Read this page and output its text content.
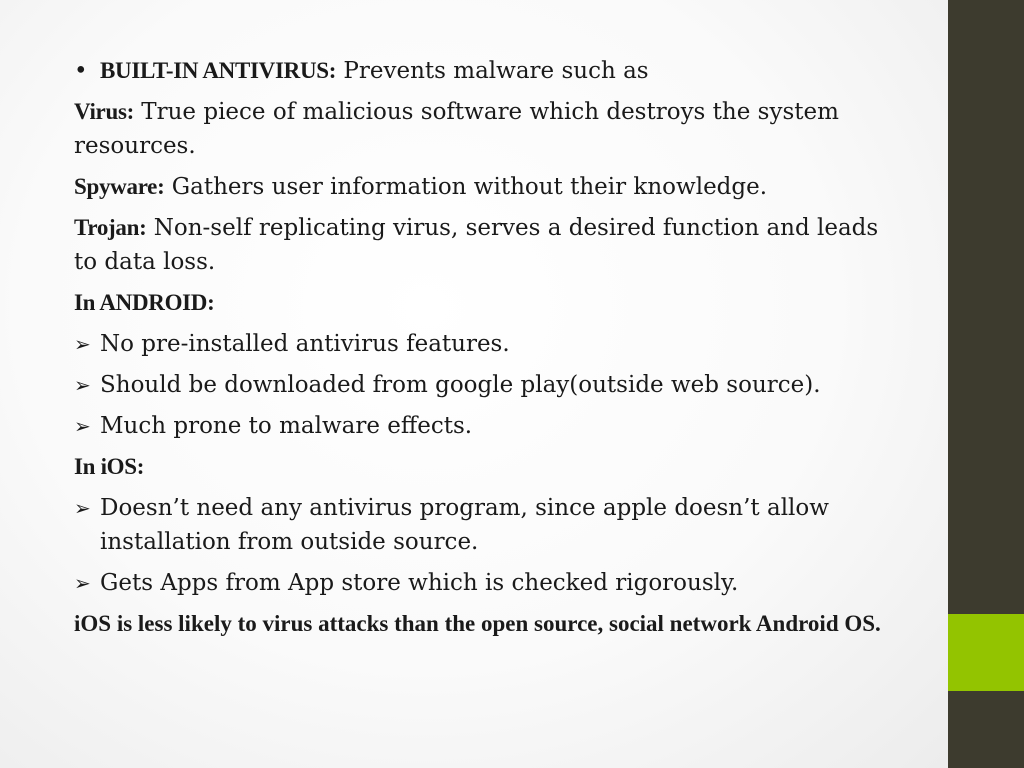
• BUILT-IN ANTIVIRUS: Prevents malware such as
Virus: True piece of malicious software which destroys the system resources.
Spyware: Gathers user information without their knowledge.
Trojan: Non-self replicating virus, serves a desired function and leads to data loss.
In ANDROID:
➢ No pre-installed antivirus features.
➢ Should be downloaded from google play(outside web source).
➢ Much prone to malware effects.
In iOS:
➢ Doesn’t need any antivirus program, since apple doesn’t allow installation from outside source.
➢ Gets Apps from App store which is checked rigorously.
iOS is less likely to virus attacks than the open source, social network Android OS.
